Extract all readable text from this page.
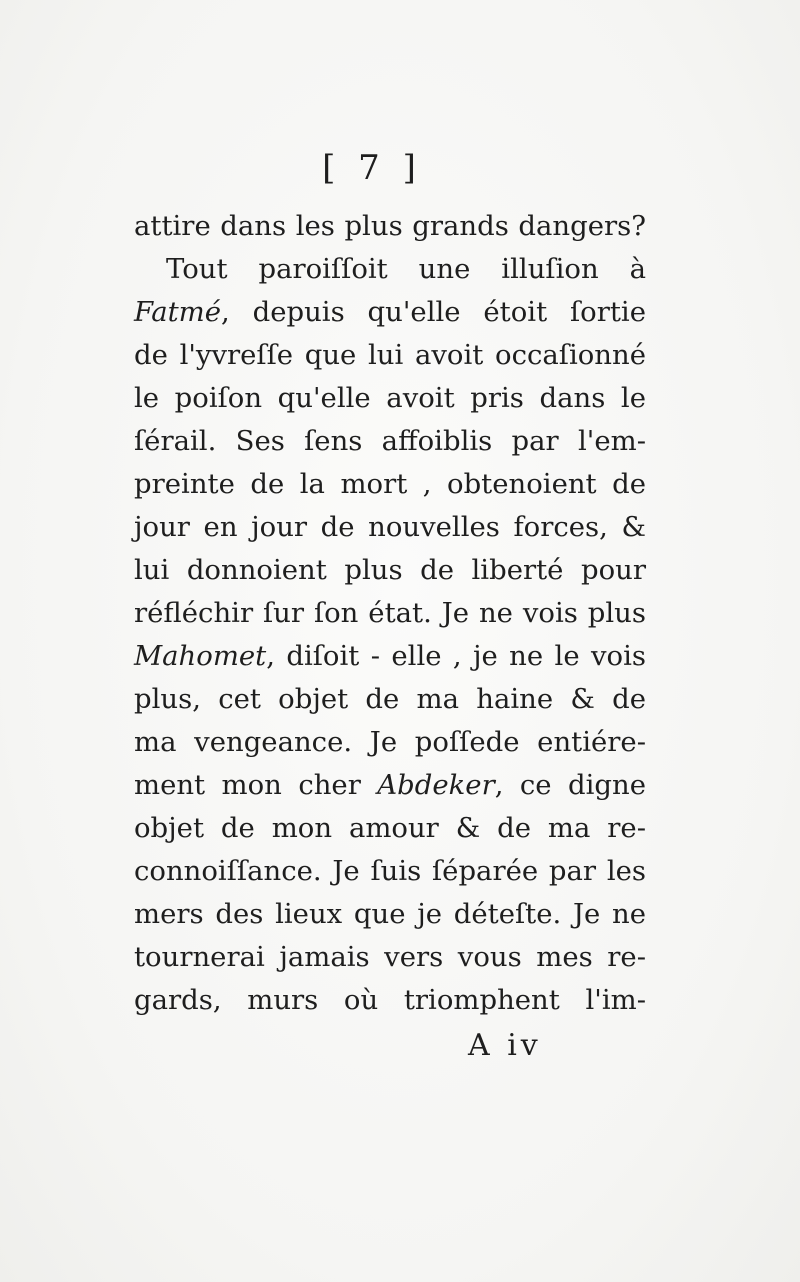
[ 7 ]
attire dans les plus grands dangers?
Tout paroiſſoit une illuſion à
Fatmé, depuis qu'elle étoit ſortie
de l'yvreſſe que lui avoit occaſionné
le poiſon qu'elle avoit pris dans le
ſérail. Ses ſens affoiblis par l'em-
preinte de la mort , obtenoient de
jour en jour de nouvelles forces, &
lui donnoient plus de liberté pour
réfléchir ſur ſon état. Je ne vois plus
Mahomet, diſoit - elle , je ne le vois
plus, cet objet de ma haine & de
ma vengeance. Je poſſede entiére-
ment mon cher Abdeker, ce digne
objet de mon amour & de ma re-
connoiſſance. Je ſuis ſéparée par les
mers des lieux que je déteſte. Je ne
tournerai jamais vers vous mes re-
gards, murs où triomphent l'im-
A iv
